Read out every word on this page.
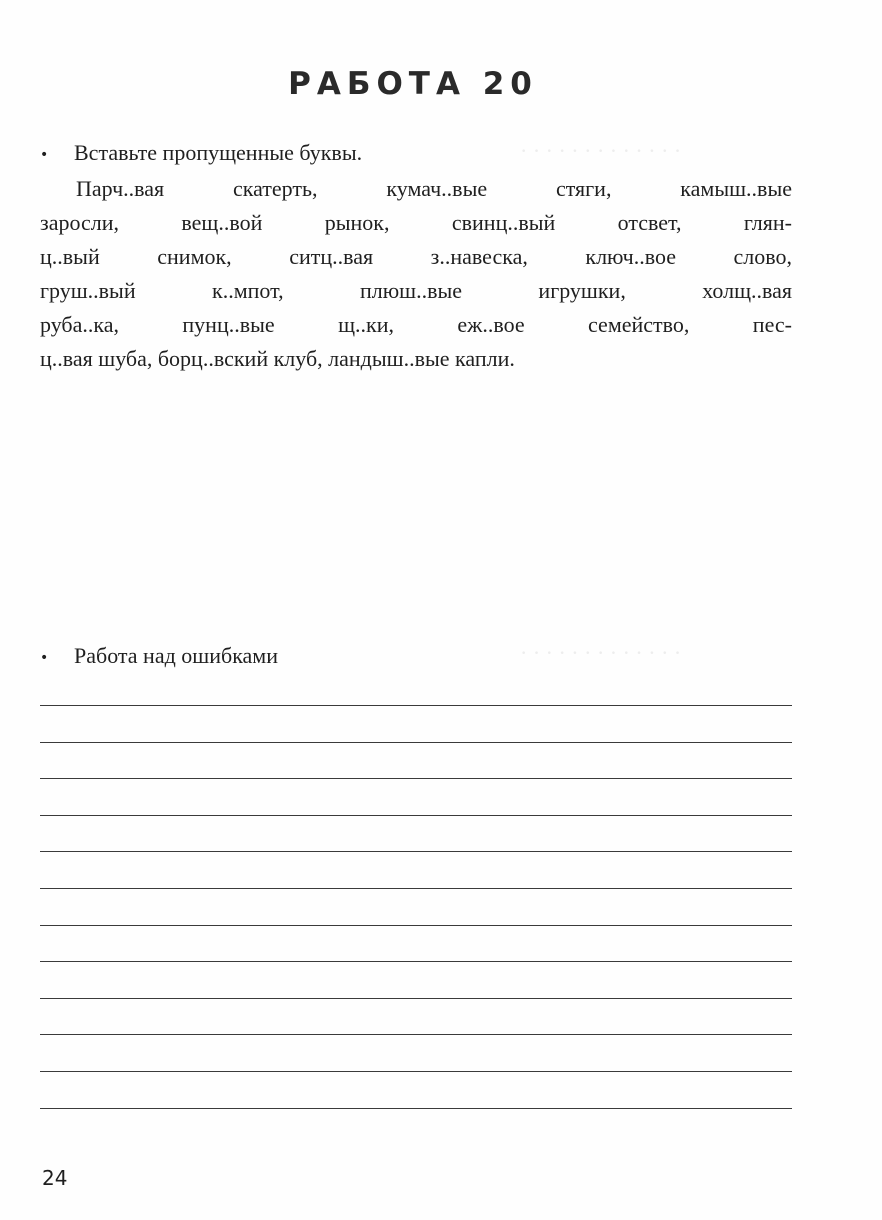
· · · · · · · · · · · · ·
· · · · · · · · · · · · ·
РАБОТА 20
• Вставьте пропущенные буквы.
Парч..вая скатерть, кумач..вые стяги, камыш..вые
заросли, вещ..вой рынок, свинц..вый отсвет, глян-
ц..вый снимок, ситц..вая з..навеска, ключ..вое слово,
груш..вый к..мпот, плюш..вые игрушки, холщ..вая
руба..ка, пунц..вые щ..ки, еж..вое семейство, пес-
ц..вая шуба, борц..вский клуб, ландыш..вые капли.
• Работа над ошибками
24
